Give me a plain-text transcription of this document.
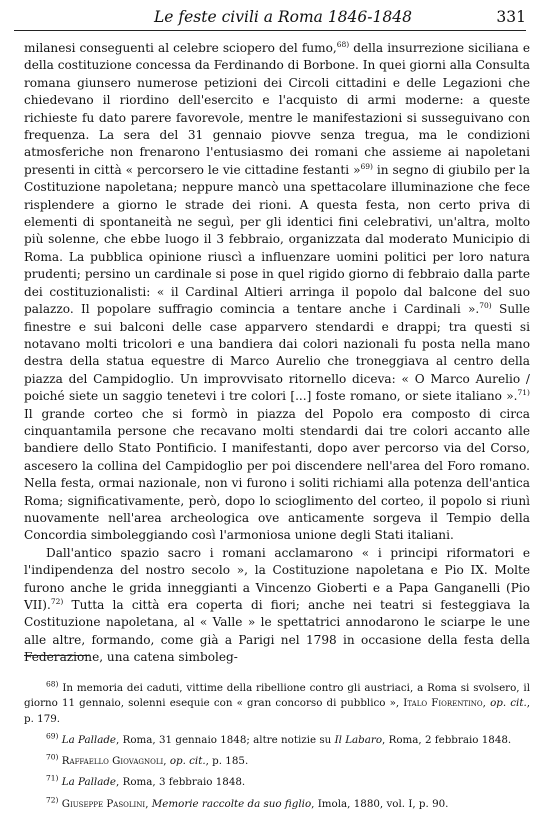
Le feste civili a Roma 1846-1848	331

milanesi conseguenti al celebre sciopero del fumo,$^{68)}$ della insurrezione siciliana e della costituzione concessa da Ferdinando di Borbone. In quei giorni alla Consulta romana giunsero numerose petizioni dei Circoli cittadini e delle Legazioni che chiedevano il riordino dell'esercito e l'acquisto di armi moderne: a queste richieste fu dato parere favorevole, mentre le manifestazioni si susseguivano con frequenza. La sera del 31 gennaio piovve senza tregua, ma le condizioni atmosferiche non frenarono l'entusiasmo dei romani che assieme ai napoletani presenti in città « percorsero le vie cittadine festanti »$^{69)}$ in segno di giubilo per la Costituzione napoletana; neppure mancò una spettacolare illuminazione che fece risplendere a giorno le strade dei rioni. A questa festa, non certo priva di elementi di spontaneità ne seguì, per gli identici fini celebrativi, un'altra, molto più solenne, che ebbe luogo il 3 febbraio, organizzata dal moderato Municipio di Roma. La pubblica opinione riuscì a influenzare uomini politici per loro natura prudenti; persino un cardinale si pose in quel rigido giorno di febbraio dalla parte dei costituzionalisti: « il Cardinal Altieri arringa il popolo dal balcone del suo palazzo. Il popolare suffragio comincia a tentare anche i Cardinali ».$^{70)}$ Sulle finestre e sui balconi delle case apparvero stendardi e drappi; tra questi si notavano molti tricolori e una bandiera dai colori nazionali fu posta nella mano destra della statua equestre di Marco Aurelio che troneggiava al centro della piazza del Campidoglio. Un improvvisato ritornello diceva: « O Marco Aurelio / poiché siete un saggio tenetevi i tre colori [...] foste romano, or siete italiano ».$^{71)}$ Il grande corteo che si formò in piazza del Popolo era composto di circa cinquantamila persone che recavano molti stendardi dai tre colori accanto alle bandiere dello Stato Pontificio. I manifestanti, dopo aver percorso via del Corso, ascesero la collina del Campidoglio per poi discendere nell'area del Foro romano. Nella festa, ormai nazionale, non vi furono i soliti richiami alla potenza dell'antica Roma; significativamente, però, dopo lo scioglimento del corteo, il popolo si riunì nuovamente nell'area archeologica ove anticamente sorgeva il Tempio della Concordia simboleggiando così l'armoniosa unione degli Stati italiani.

Dall'antico spazio sacro i romani acclamarono « i principi riformatori e l'indipendenza del nostro secolo », la Costituzione napoletana e Pio IX. Molte furono anche le grida inneggianti a Vincenzo Gioberti e a Papa Ganganelli (Pio VII).$^{72)}$ Tutta la città era coperta di fiori; anche nei teatri si festeggiava la Costituzione napoletana, al « Valle » le spettatrici annodarono le sciarpe le une alle altre, formando, come già a Parigi nel 1798 in occasione della festa della Federazione, una catena simboleg-

$^{68)}$ In memoria dei caduti, vittime della ribellione contro gli austriaci, a Roma si svolsero, il giorno 11 gennaio, solenni esequie con « gran concorso di pubblico », Italo Fiorentino, op. cit., p. 179.

$^{69)}$ La Pallade, Roma, 31 gennaio 1848; altre notizie su Il Labaro, Roma, 2 febbraio 1848.

$^{70)}$ Raffaello Giovagnoli, op. cit., p. 185.

$^{71)}$ La Pallade, Roma, 3 febbraio 1848.

$^{72)}$ Giuseppe Pasolini, Memorie raccolte da suo figlio, Imola, 1880, vol. I, p. 90.
